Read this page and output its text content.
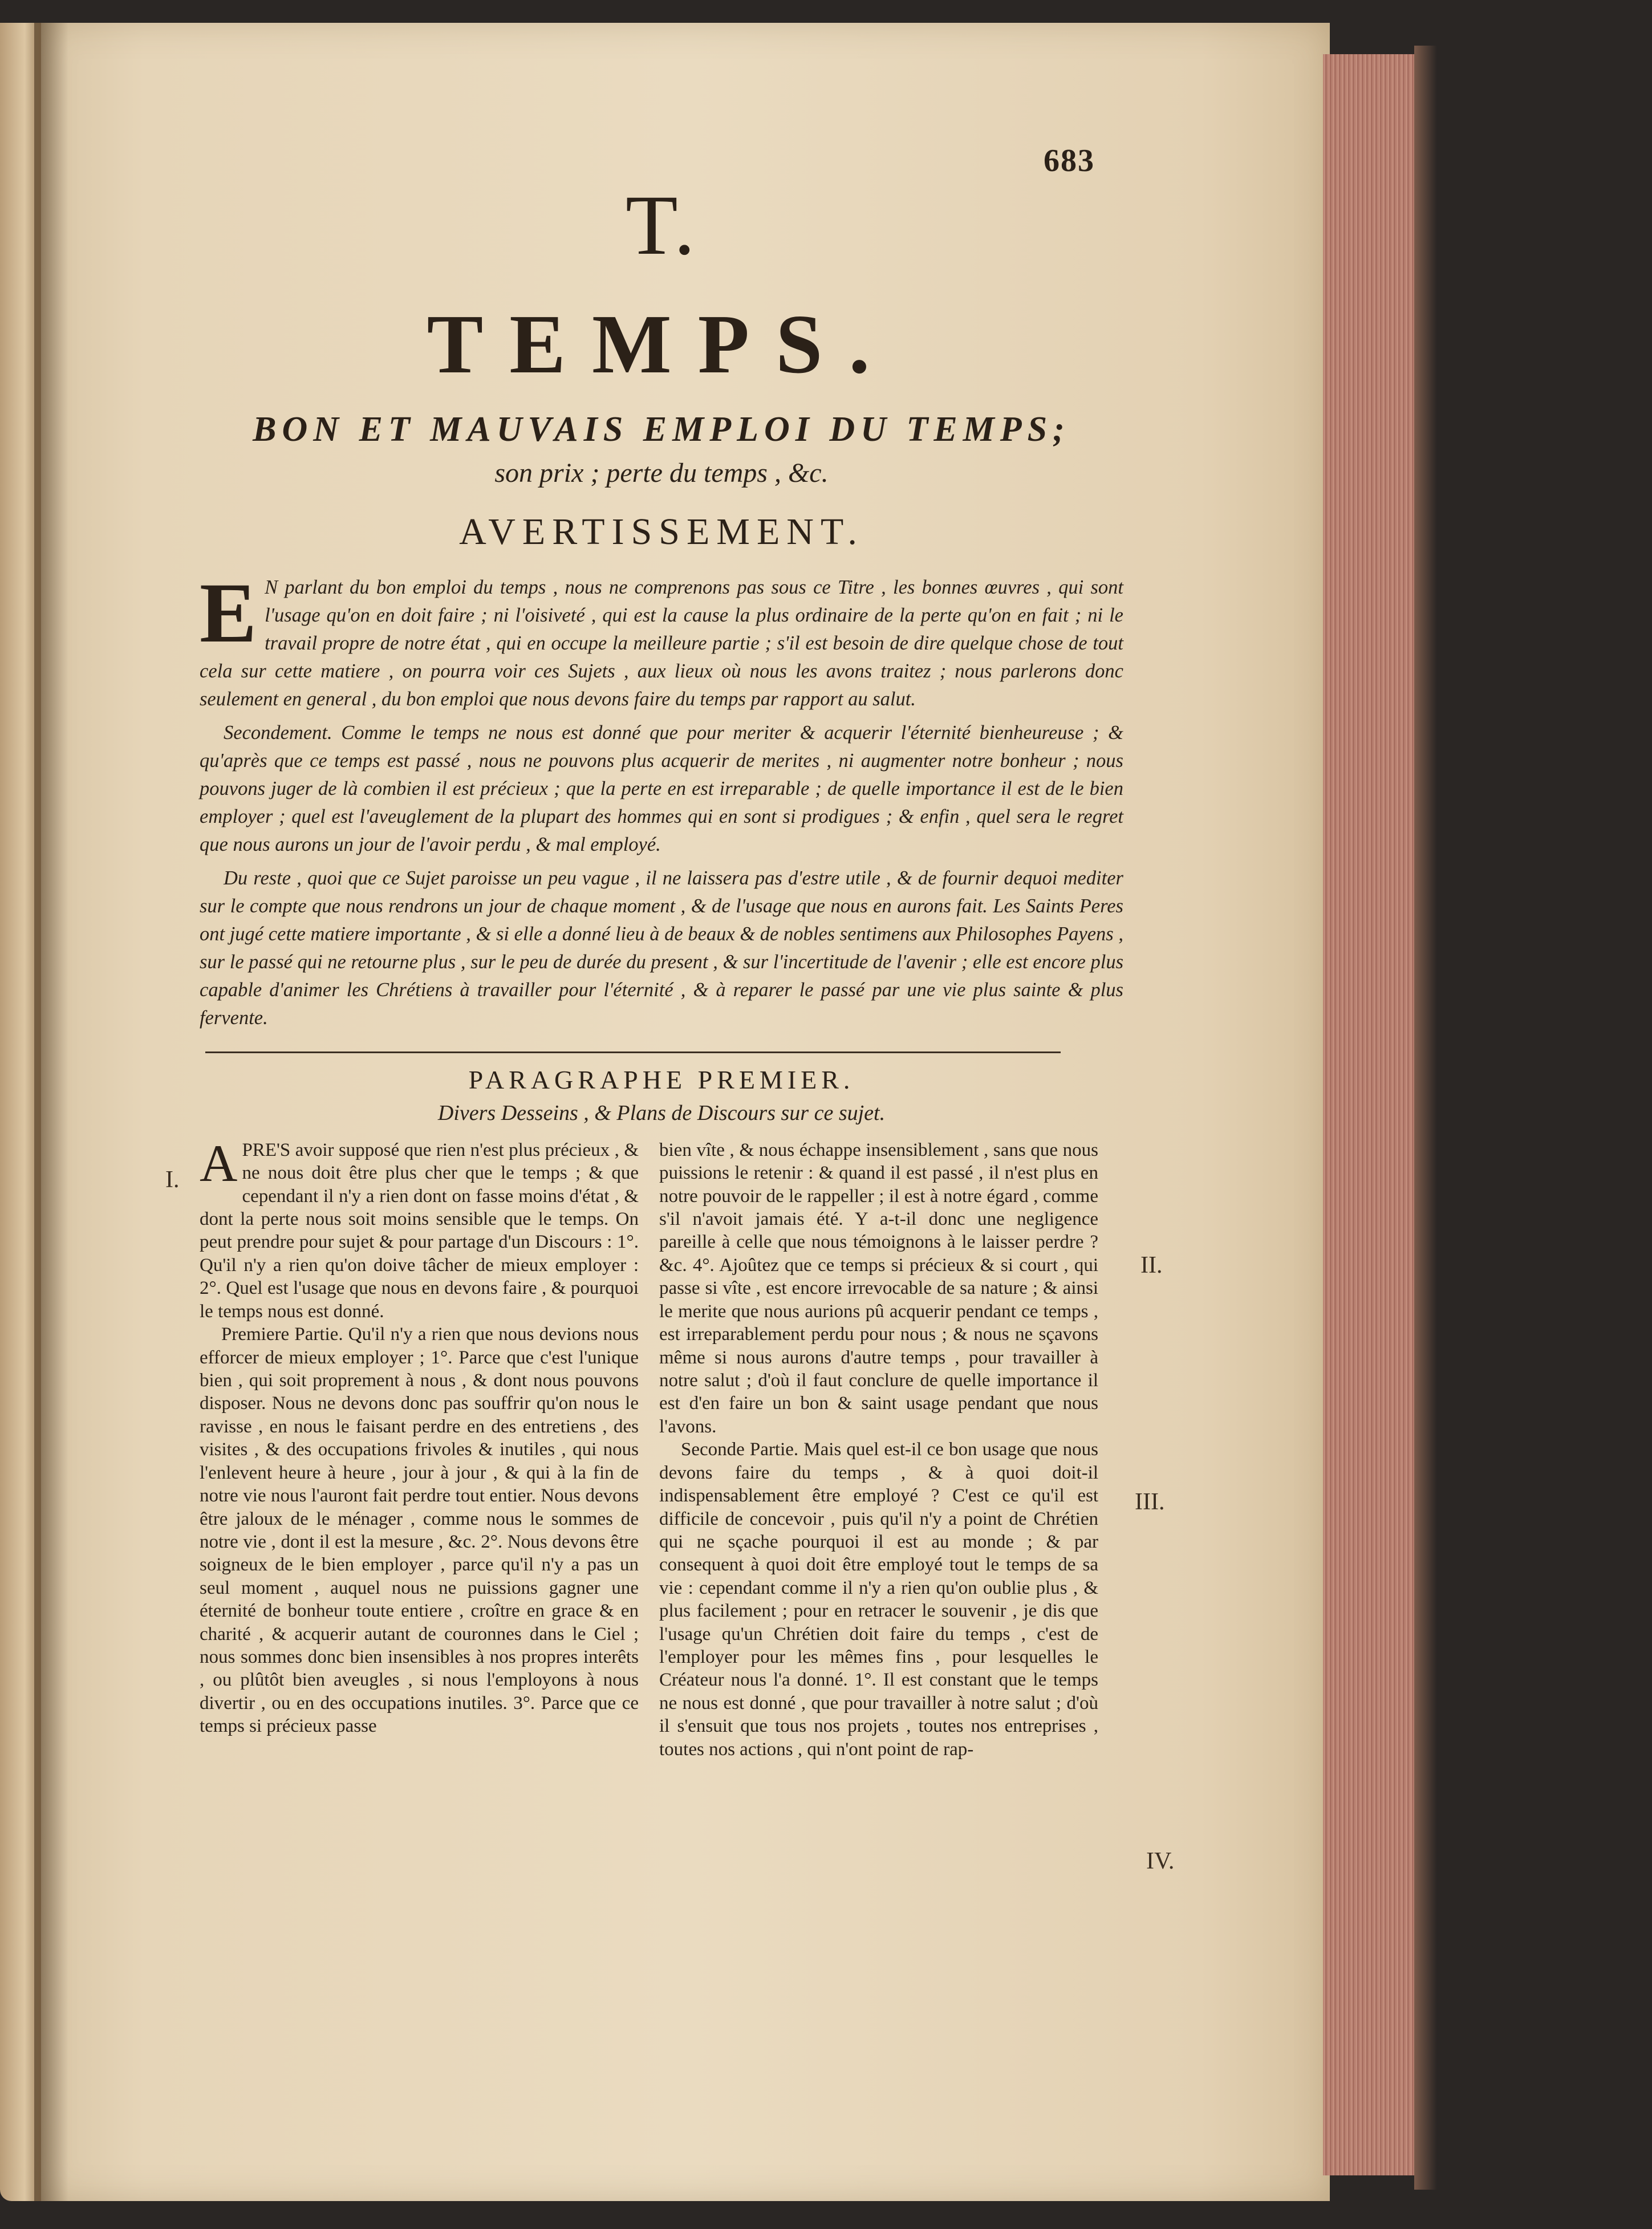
683
I.
II.
III.
IV.
T.
TEMPS.
BON ET MAUVAIS EMPLOI DU TEMPS;
son prix ; perte du temps , &c.
AVERTISSEMENT.

E N parlant du bon emploi du temps , nous ne comprenons pas sous ce Titre , les bonnes œuvres , qui sont l'usage qu'on en doit faire ; ni l'oisiveté , qui est la cause la plus ordinaire de la perte qu'on en fait ; ni le travail propre de notre état , qui en occupe la meilleure partie ; s'il est besoin de dire quelque chose de tout cela sur cette matiere , on pourra voir ces Sujets , aux lieux où nous les avons traitez ; nous parlerons donc seulement en general , du bon emploi que nous devons faire du temps par rapport au salut.

Secondement. Comme le temps ne nous est donné que pour meriter & acquerir l'éternité bienheureuse ; & qu'après que ce temps est passé , nous ne pouvons plus acquerir de merites , ni augmenter notre bonheur ; nous pouvons juger de là combien il est précieux ; que la perte en est irreparable ; de quelle importance il est de le bien employer ; quel est l'aveuglement de la plupart des hommes qui en sont si prodigues ; & enfin , quel sera le regret que nous aurons un jour de l'avoir perdu , & mal employé.

Du reste , quoi que ce Sujet paroisse un peu vague , il ne laissera pas d'estre utile , & de fournir dequoi mediter sur le compte que nous rendrons un jour de chaque moment , & de l'usage que nous en aurons fait. Les Saints Peres ont jugé cette matiere importante , & si elle a donné lieu à de beaux & de nobles sentimens aux Philosophes Payens , sur le passé qui ne retourne plus , sur le peu de durée du present , & sur l'incertitude de l'avenir ; elle est encore plus capable d'animer les Chrétiens à travailler pour l'éternité , & à reparer le passé par une vie plus sainte & plus fervente.

PARAGRAPHE PREMIER.
Divers Desseins , & Plans de Discours sur ce sujet.

APRE'S avoir supposé que rien n'est plus précieux , & ne nous doit être plus cher que le temps ; & que cependant il n'y a rien dont on fasse moins d'état , & dont la perte nous soit moins sensible que le temps. On peut prendre pour sujet & pour partage d'un Discours : 1°. Qu'il n'y a rien qu'on doive tâcher de mieux employer : 2°. Quel est l'usage que nous en devons faire , & pourquoi le temps nous est donné.

Premiere Partie. Qu'il n'y a rien que nous devions nous efforcer de mieux employer ; 1°. Parce que c'est l'unique bien , qui soit proprement à nous , & dont nous pouvons disposer. Nous ne devons donc pas souffrir qu'on nous le ravisse , en nous le faisant perdre en des entretiens , des visites , & des occupations frivoles & inutiles , qui nous l'enlevent heure à heure , jour à jour , & qui à la fin de notre vie nous l'auront fait perdre tout entier. Nous devons être jaloux de le ménager , comme nous le sommes de notre vie , dont il est la mesure , &c. 2°. Nous devons être soigneux de le bien employer , parce qu'il n'y a pas un seul moment , auquel nous ne puissions gagner une éternité de bonheur toute entiere , croître en grace & en charité , & acquerir autant de couronnes dans le Ciel ; nous sommes donc bien insensibles à nos propres interêts , ou plûtôt bien aveugles , si nous l'employons à nous divertir , ou en des occupations inutiles. 3°. Parce que ce temps si précieux passe

bien vîte , & nous échappe insensiblement , sans que nous puissions le retenir : & quand il est passé , il n'est plus en notre pouvoir de le rappeller ; il est à notre égard , comme s'il n'avoit jamais été. Y a-t-il donc une negligence pareille à celle que nous témoignons à le laisser perdre ? &c. 4°. Ajoûtez que ce temps si précieux & si court , qui passe si vîte , est encore irrevocable de sa nature ; & ainsi le merite que nous aurions pû acquerir pendant ce temps , est irreparablement perdu pour nous ; & nous ne sçavons même si nous aurons d'autre temps , pour travailler à notre salut ; d'où il faut conclure de quelle importance il est d'en faire un bon & saint usage pendant que nous l'avons.

Seconde Partie. Mais quel est-il ce bon usage que nous devons faire du temps , & à quoi doit-il indispensablement être employé ? C'est ce qu'il est difficile de concevoir , puis qu'il n'y a point de Chrétien qui ne sçache pourquoi il est au monde ; & par consequent à quoi doit être employé tout le temps de sa vie : cependant comme il n'y a rien qu'on oublie plus , & plus facilement ; pour en retracer le souvenir , je dis que l'usage qu'un Chrétien doit faire du temps , c'est de l'employer pour les mêmes fins , pour lesquelles le Créateur nous l'a donné. 1°. Il est constant que le temps ne nous est donné , que pour travailler à notre salut ; d'où il s'ensuit que tous nos projets , toutes nos entreprises , toutes nos actions , qui n'ont point de rap-
